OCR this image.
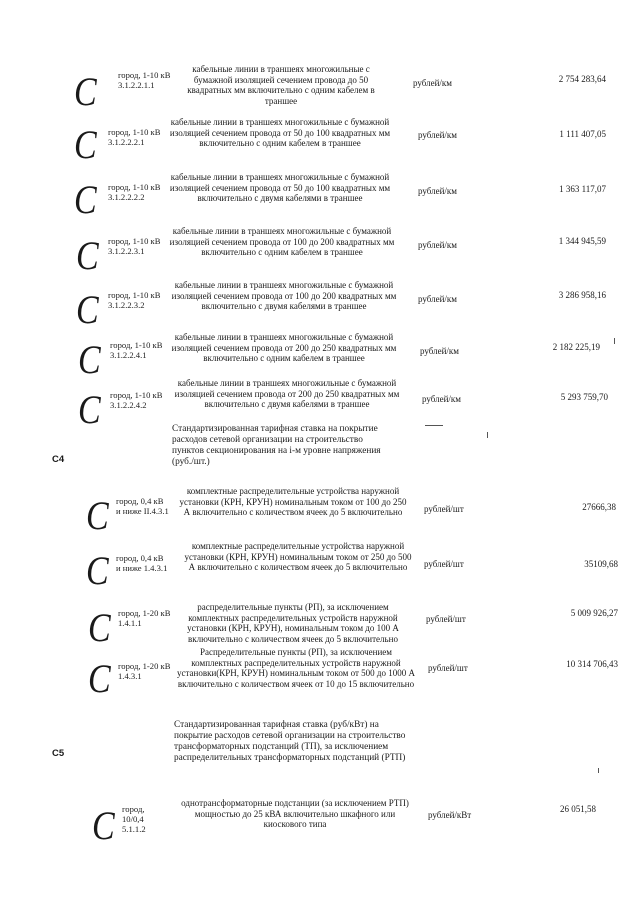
C город, 1-10 кВ 3.1.2.2.1.1
кабельные линии в траншеях многожильные с бумажной изоляцией сечением провода до 50 квадратных мм включительно с одним кабелем в траншее
рублей/км	2 754 283,64
C город, 1-10 кВ 3.1.2.2.2.1
кабельные линии в траншеях многожильные с бумажной изоляцией сечением провода от 50 до 100 квадратных мм включительно с одним кабелем в траншее
рублей/км	1 111 407,05
C город, 1-10 кВ 3.1.2.2.2.2
кабельные линии в траншеях многожильные с бумажной изоляцией сечением провода от 50 до 100 квадратных мм включительно с двумя кабелями в траншее
рублей/км	1 363 117,07
C город, 1-10 кВ 3.1.2.2.3.1
кабельные линии в траншеях многожильные с бумажной изоляцией сечением провода от 100 до 200 квадратных мм включительно с одним кабелем в траншее
рублей/км	1 344 945,59
C город, 1-10 кВ 3.1.2.2.3.2
кабельные линии в траншеях многожильные с бумажной изоляцией сечением провода от 100 до 200 квадратных мм включительно с двумя кабелями в траншее
рублей/км	3 286 958,16
C город, 1-10 кВ 3.1.2.2.4.1
кабельные линии в траншеях многожильные с бумажной изоляцией сечением провода от 200 до 250 квадратных мм включительно с одним кабелем в траншее
рублей/км	2 182 225,19
C город, 1-10 кВ 3.1.2.2.4.2
кабельные линии в траншеях многожильные с бумажной изоляцией сечением провода от 200 до 250 квадратных мм включительно с двумя кабелями в траншее
рублей/км	5 293 759,70
C4
Стандартизированная тарифная ставка на покрытие расходов сетевой организации на строительство пунктов секционирования на i-м уровне напряжения (руб./шт.)
C город, 0,4 кВ и ниже II.4.3.1
комплектные распределительные устройства наружной установки (КРН, КРУН) номинальным током от 100 до 250 А включительно с количеством ячеек до 5 включительно	рублей/шт	27666,38
C город, 0,4 кВ и ниже 1.4.3.1
комплектные распределительные устройства наружной установки (КРН, КРУН) номинальным током от 250 до 500 А включительно с количеством ячеек до 5 включительно	рублей/шт	35109,68
C город, 1-20 кВ 1.4.1.1
распределительные пункты (РП), за исключением комплектных распределительных устройств наружной установки (КРН, КРУН), номинальным током до 100 А включительно с количеством ячеек до 5 включительно
рублей/шт
5 009 926,27
C город, 1-20 кВ 1.4.3.1
Распределительные пункты (РП), за исключением комплектных распределительных устройств наружной установки(КРН, КРУН) номинальным током от 500 до 1000 А включительно с количеством ячеек от 10 до 15 включительно
рублей/шт	10 314 706,43
C5
Стандартизированная тарифная ставка (руб/кВт) на покрытие расходов сетевой организации на строительство трансформаторных подстанций (ТП), за исключением распределительных трансформаторных подстанций (РТП)
C город, 10/0,4 5.1.1.2
однотрансформаторные подстанции (за исключением РТП) мощностью до 25 кВА включительно шкафного или киоскового типа
рублей/кВт
26 051,58
